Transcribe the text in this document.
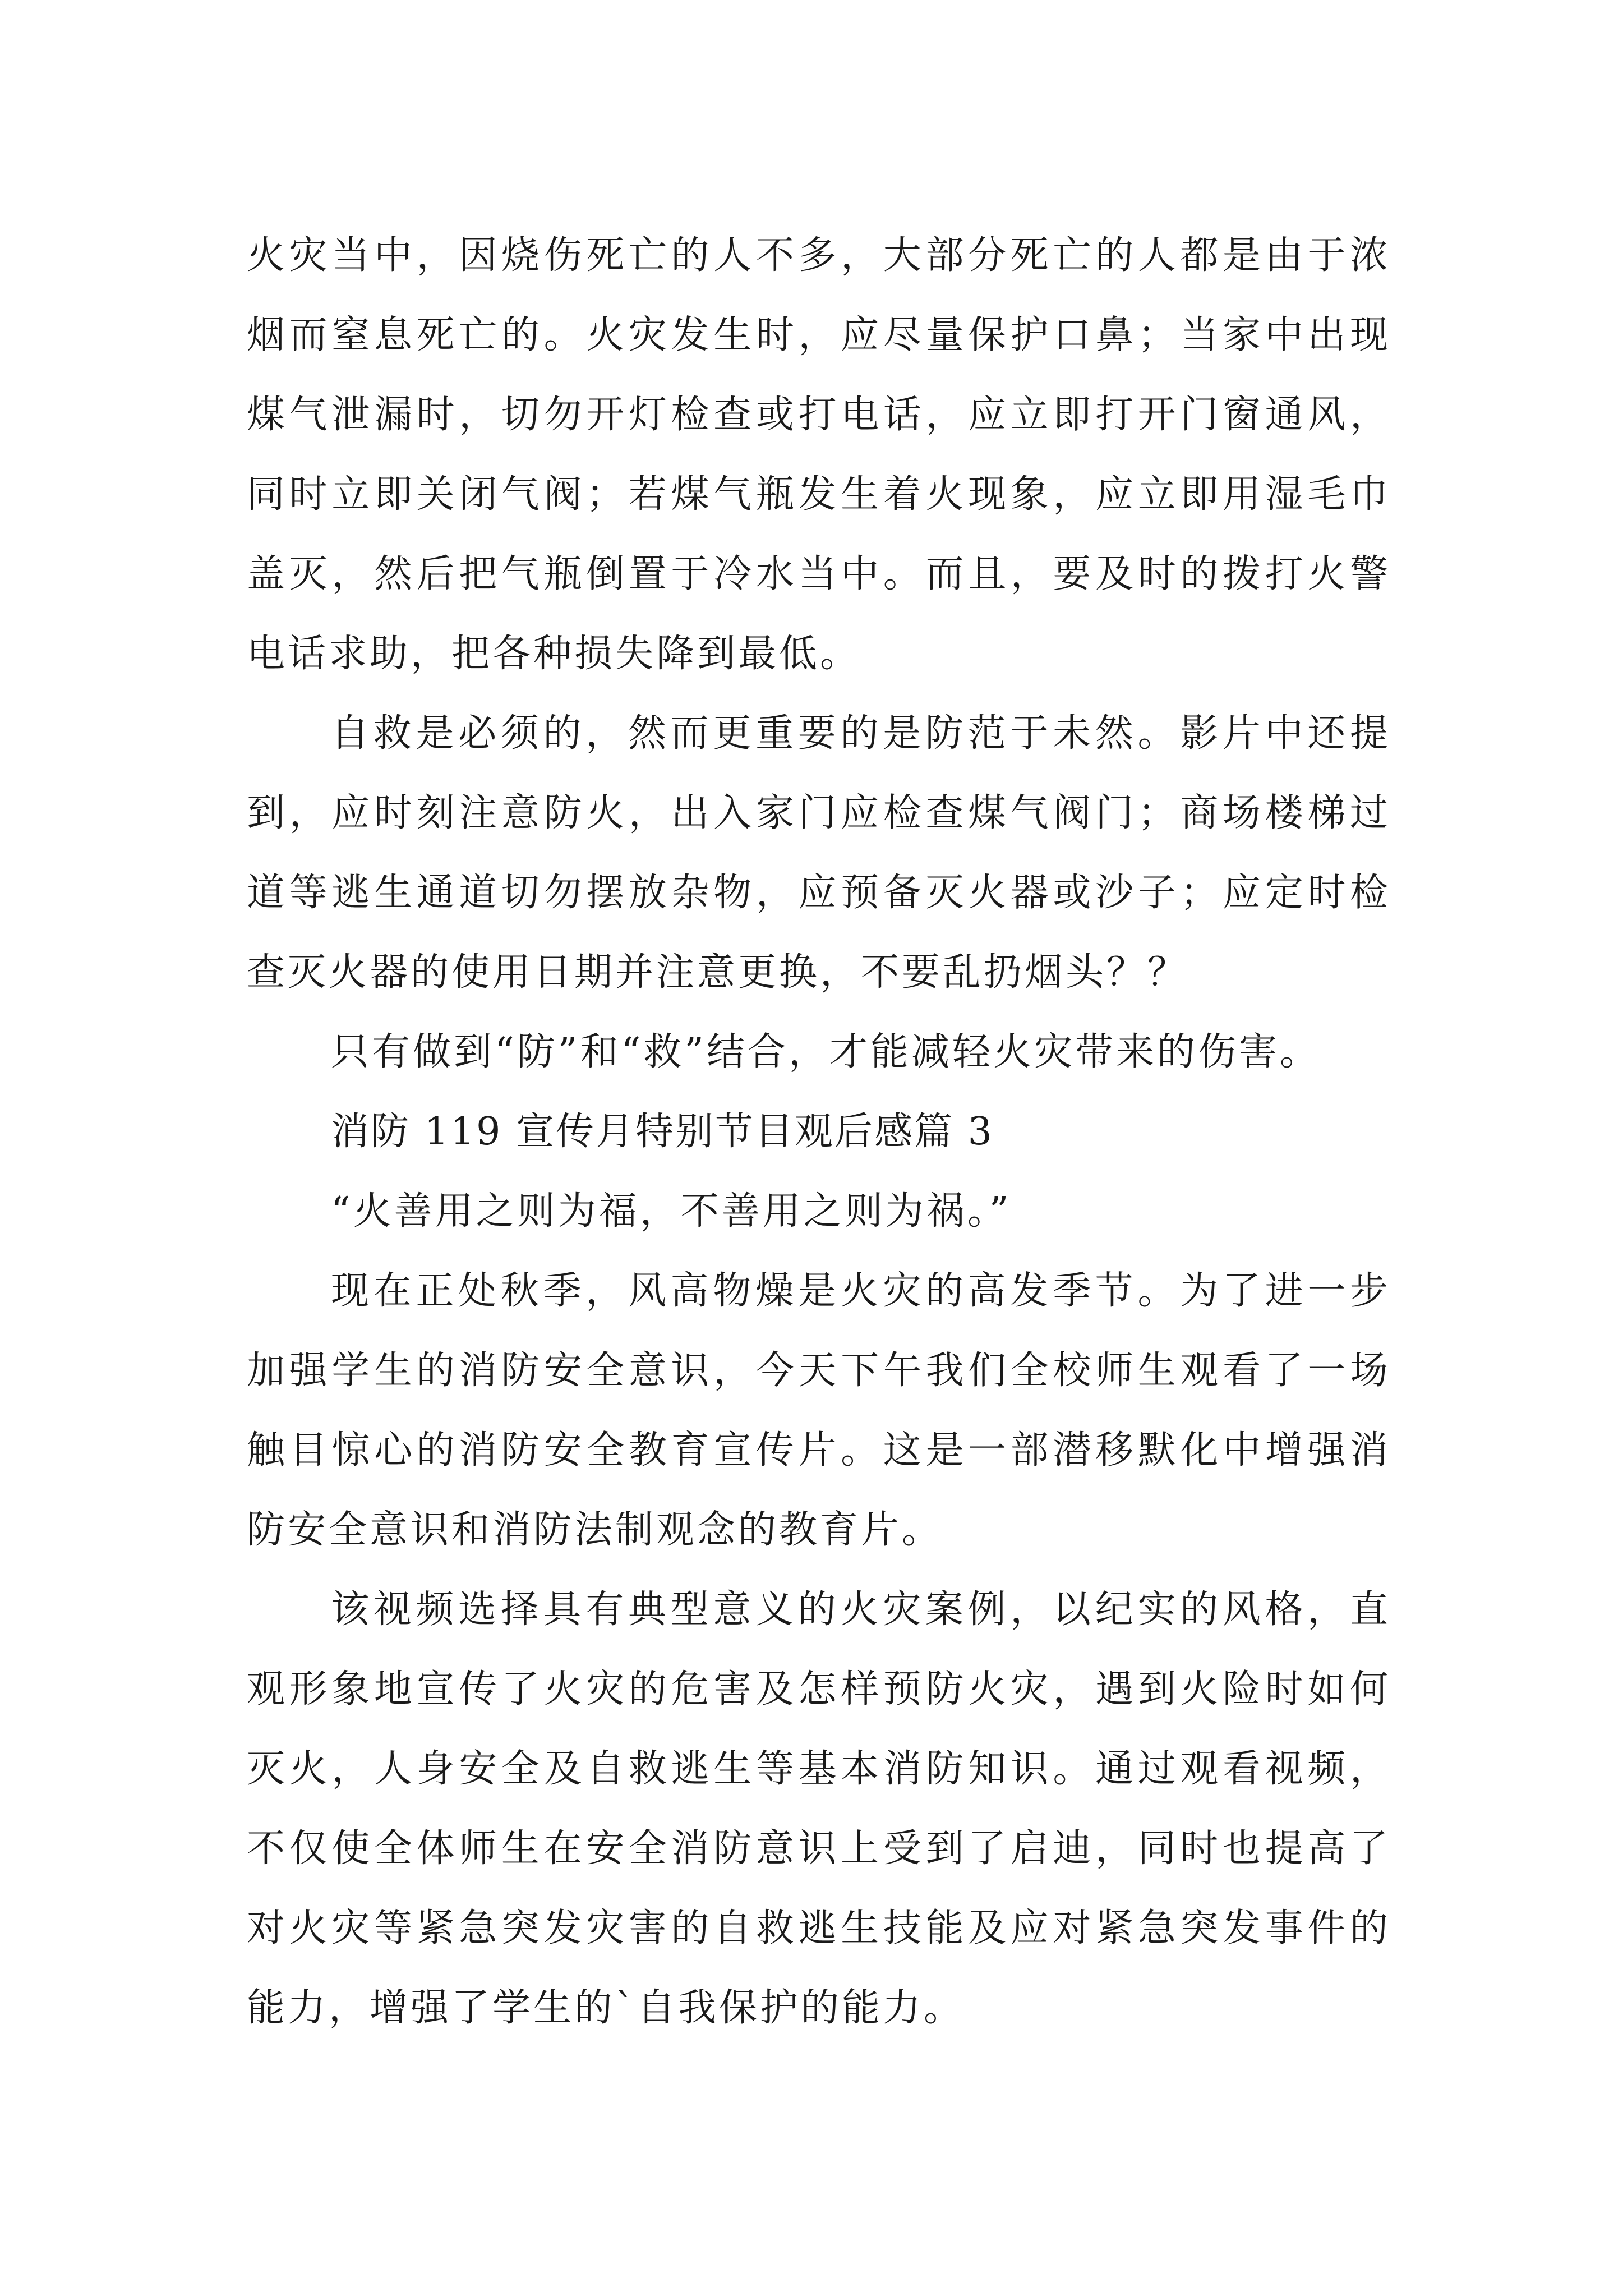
火灾当中，因烧伤死亡的人不多，大部分死亡的人都是由于浓烟而窒息死亡的。火灾发生时，应尽量保护口鼻；当家中出现煤气泄漏时，切勿开灯检查或打电话，应立即打开门窗通风，同时立即关闭气阀；若煤气瓶发生着火现象，应立即用湿毛巾盖灭，然后把气瓶倒置于冷水当中。而且，要及时的拨打火警电话求助，把各种损失降到最低。

自救是必须的，然而更重要的是防范于未然。影片中还提到，应时刻注意防火，出入家门应检查煤气阀门；商场楼梯过道等逃生通道切勿摆放杂物，应预备灭火器或沙子；应定时检查灭火器的使用日期并注意更换，不要乱扔烟头？？

只有做到“防”和“救”结合，才能减轻火灾带来的伤害。

消防 119 宣传月特别节目观后感篇 3

“火善用之则为福，不善用之则为祸。”

现在正处秋季，风高物燥是火灾的高发季节。为了进一步加强学生的消防安全意识，今天下午我们全校师生观看了一场触目惊心的消防安全教育宣传片。这是一部潜移默化中增强消防安全意识和消防法制观念的教育片。

该视频选择具有典型意义的火灾案例，以纪实的风格，直观形象地宣传了火灾的危害及怎样预防火灾，遇到火险时如何灭火，人身安全及自救逃生等基本消防知识。通过观看视频，不仅使全体师生在安全消防意识上受到了启迪，同时也提高了对火灾等紧急突发灾害的自救逃生技能及应对紧急突发事件的能力，增强了学生的`自我保护的能力。
